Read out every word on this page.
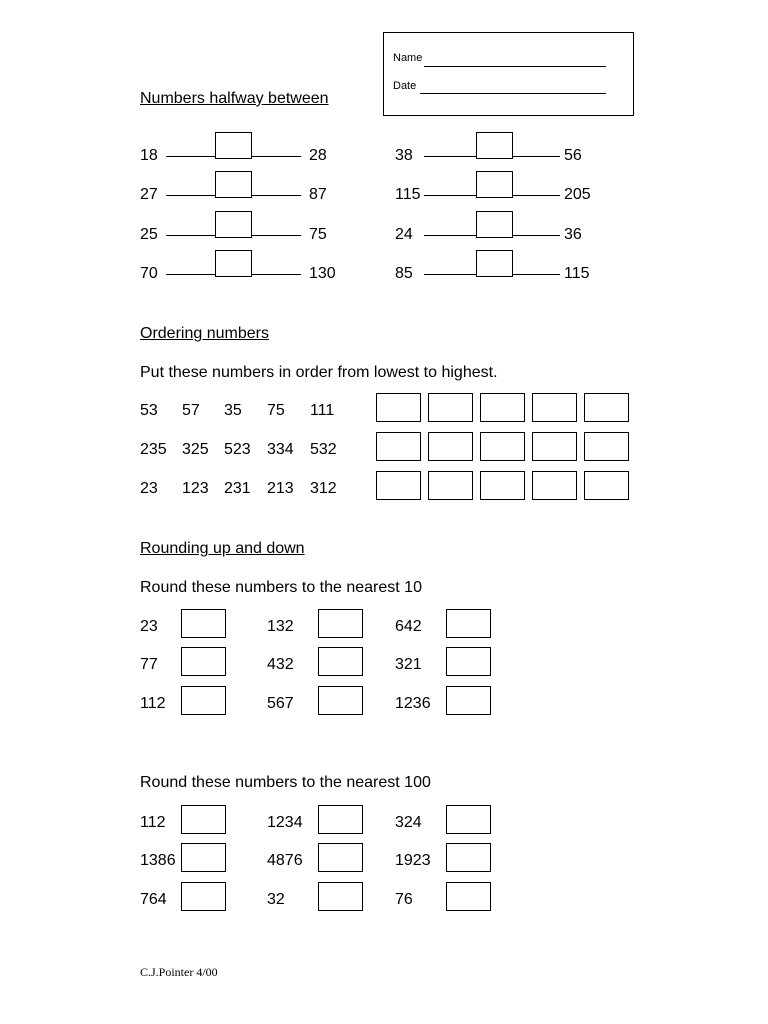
Name
Date
Numbers halfway between
18	28
27	87
25	75
70	130
38	56
115	205
24	36
85	115
Ordering numbers
Put these numbers in order from lowest to highest.
53 57 35 75 111
235 325 523 334 532
23 123 231 213 312
Rounding up and down
Round these numbers to the nearest 10
23	132	642
77	432	321
112	567	1236
Round these numbers to the nearest 100
112	1234	324
1386	4876	1923
764	32	76
C.J.Pointer 4/00
